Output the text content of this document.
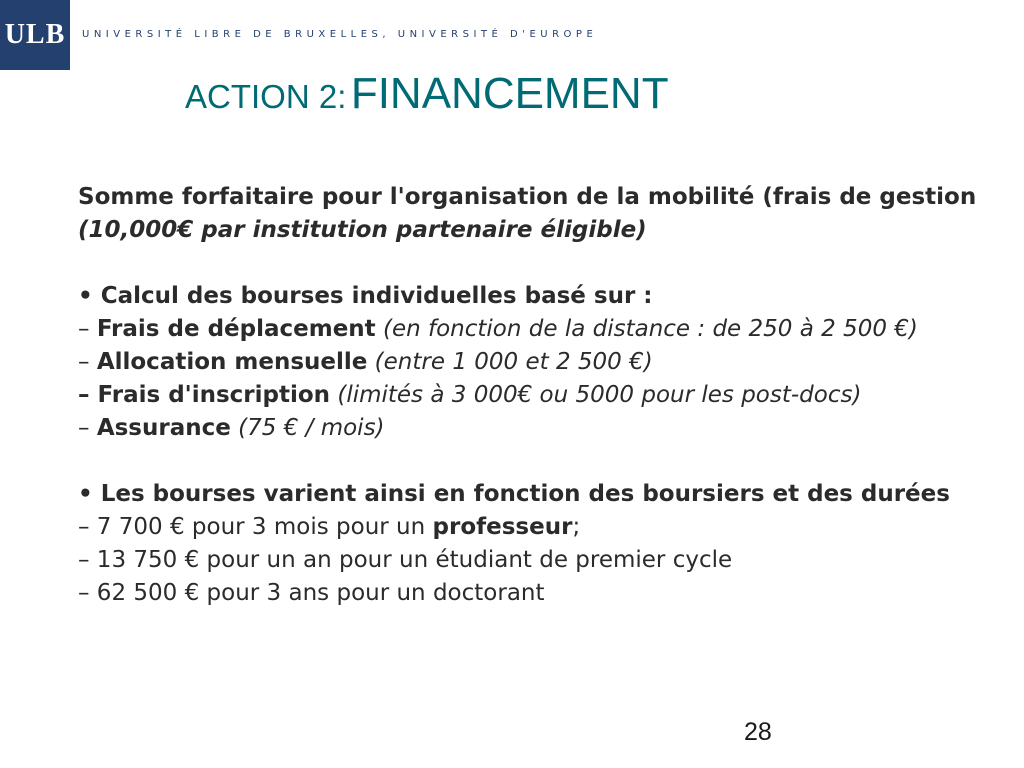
ULB UNIVERSITÉ LIBRE DE BRUXELLES, UNIVERSITÉ D'EUROPE
ACTION 2: FINANCEMENT

Somme forfaitaire pour l'organisation de la mobilité (frais de gestion

(10,000€ par institution partenaire éligible)

• Calcul des bourses individuelles basé sur :

– Frais de déplacement (en fonction de la distance : de 250 à 2 500 €)

– Allocation mensuelle (entre 1 000 et 2 500 €)

– Frais d'inscription (limités à 3 000€ ou 5000 pour les post-docs)

– Assurance (75 € / mois)

• Les bourses varient ainsi en fonction des boursiers et des durées

– 7 700 € pour 3 mois pour un professeur;

– 13 750 € pour un an pour un étudiant de premier cycle

– 62 500 € pour 3 ans pour un doctorant

28
